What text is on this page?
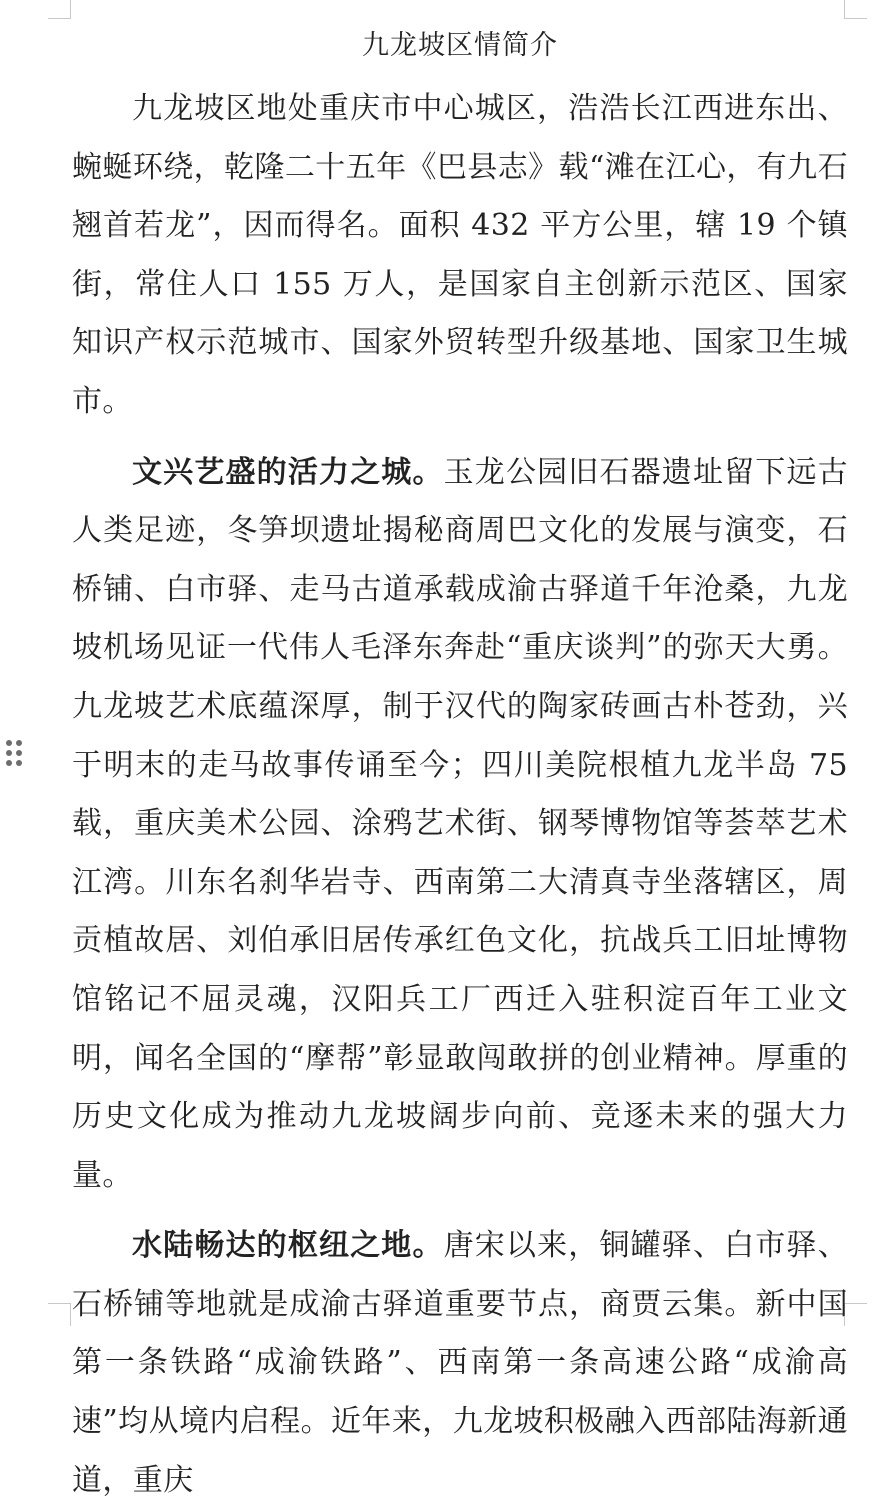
九龙坡区情简介

九龙坡区地处重庆市中心城区，浩浩长江西进东出、蜿蜒环绕，乾隆二十五年《巴县志》载“滩在江心，有九石翘首若龙”，因而得名。面积 432 平方公里，辖 19 个镇街，常住人口 155 万人，是国家自主创新示范区、国家知识产权示范城市、国家外贸转型升级基地、国家卫生城市。

文兴艺盛的活力之城。玉龙公园旧石器遗址留下远古人类足迹，冬笋坝遗址揭秘商周巴文化的发展与演变，石桥铺、白市驿、走马古道承载成渝古驿道千年沧桑，九龙坡机场见证一代伟人毛泽东奔赴“重庆谈判”的弥天大勇。九龙坡艺术底蕴深厚，制于汉代的陶家砖画古朴苍劲，兴于明末的走马故事传诵至今；四川美院根植九龙半岛 75 载，重庆美术公园、涂鸦艺术街、钢琴博物馆等荟萃艺术江湾。川东名刹华岩寺、西南第二大清真寺坐落辖区，周贡植故居、刘伯承旧居传承红色文化，抗战兵工旧址博物馆铭记不屈灵魂，汉阳兵工厂西迁入驻积淀百年工业文明，闻名全国的“摩帮”彰显敢闯敢拼的创业精神。厚重的历史文化成为推动九龙坡阔步向前、竞逐未来的强大力量。

水陆畅达的枢纽之地。唐宋以来，铜罐驿、白市驿、石桥铺等地就是成渝古驿道重要节点，商贾云集。新中国第一条铁路“成渝铁路”、西南第一条高速公路“成渝高速”均从境内启程。近年来，九龙坡积极融入西部陆海新通道，重庆
